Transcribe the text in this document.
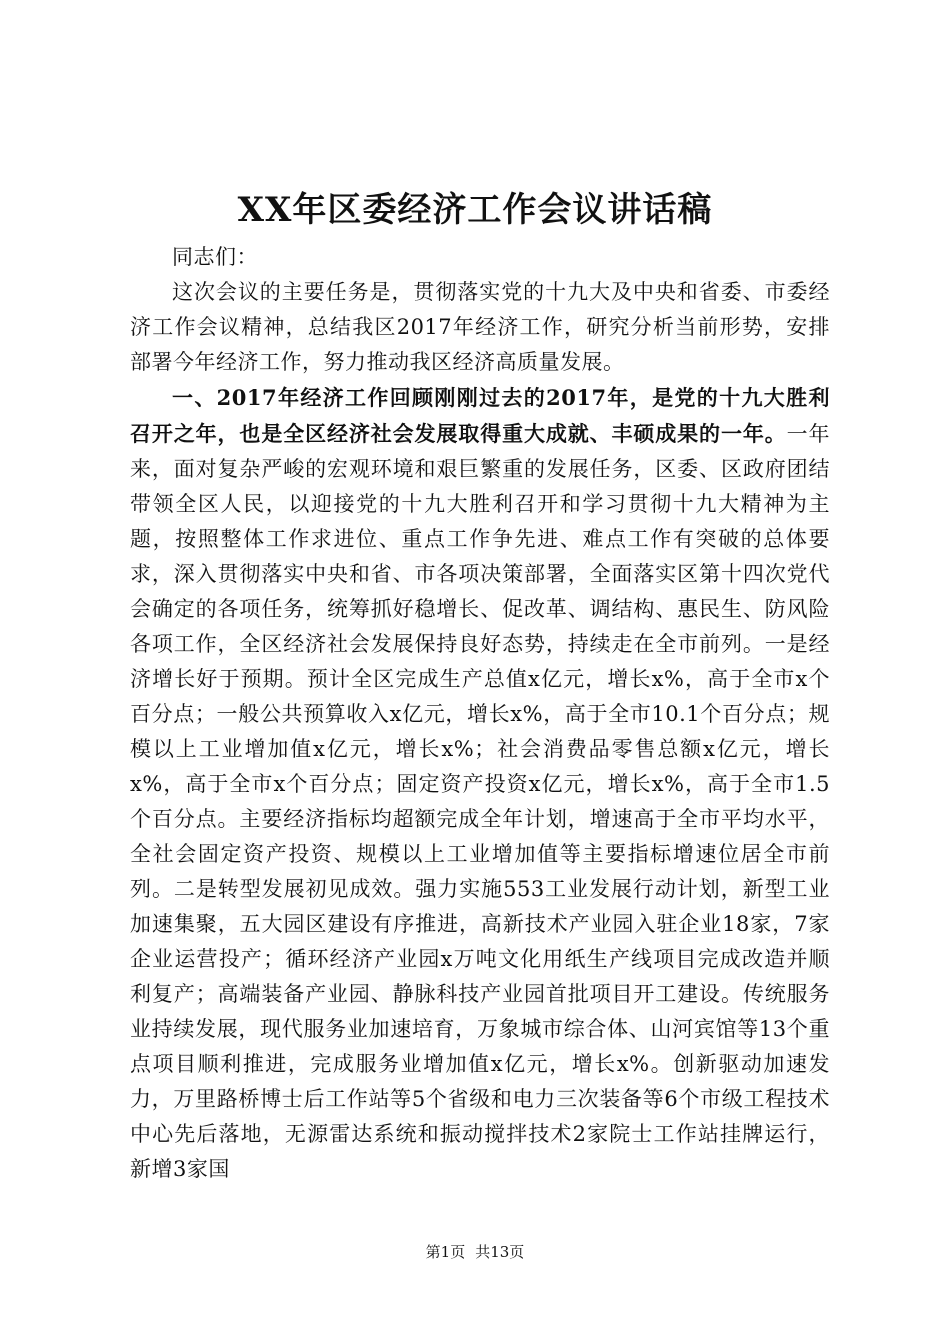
XX年区委经济工作会议讲话稿

同志们：

这次会议的主要任务是，贯彻落实党的十九大及中央和省委、市委经济工作会议精神，总结我区2017年经济工作，研究分析当前形势，安排部署今年经济工作，努力推动我区经济高质量发展。

一、2017年经济工作回顾刚刚过去的2017年，是党的十九大胜利召开之年，也是全区经济社会发展取得重大成就、丰硕成果的一年。一年来，面对复杂严峻的宏观环境和艰巨繁重的发展任务，区委、区政府团结带领全区人民，以迎接党的十九大胜利召开和学习贯彻十九大精神为主题，按照整体工作求进位、重点工作争先进、难点工作有突破的总体要求，深入贯彻落实中央和省、市各项决策部署，全面落实区第十四次党代会确定的各项任务，统筹抓好稳增长、促改革、调结构、惠民生、防风险各项工作，全区经济社会发展保持良好态势，持续走在全市前列。一是经济增长好于预期。预计全区完成生产总值x亿元，增长x%，高于全市x个百分点；一般公共预算收入x亿元，增长x%，高于全市10.1个百分点；规模以上工业增加值x亿元，增长x%；社会消费品零售总额x亿元，增长x%，高于全市x个百分点；固定资产投资x亿元，增长x%，高于全市1.5个百分点。主要经济指标均超额完成全年计划，增速高于全市平均水平，全社会固定资产投资、规模以上工业增加值等主要指标增速位居全市前列。二是转型发展初见成效。强力实施553工业发展行动计划，新型工业加速集聚，五大园区建设有序推进，高新技术产业园入驻企业18家，7家企业运营投产；循环经济产业园x万吨文化用纸生产线项目完成改造并顺利复产；高端装备产业园、静脉科技产业园首批项目开工建设。传统服务业持续发展，现代服务业加速培育，万象城市综合体、山河宾馆等13个重点项目顺利推进，完成服务业增加值x亿元，增长x%。创新驱动加速发力，万里路桥博士后工作站等5个省级和电力三次装备等6个市级工程技术中心先后落地，无源雷达系统和振动搅拌技术2家院士工作站挂牌运行，新增3家国

第1页 共13页
